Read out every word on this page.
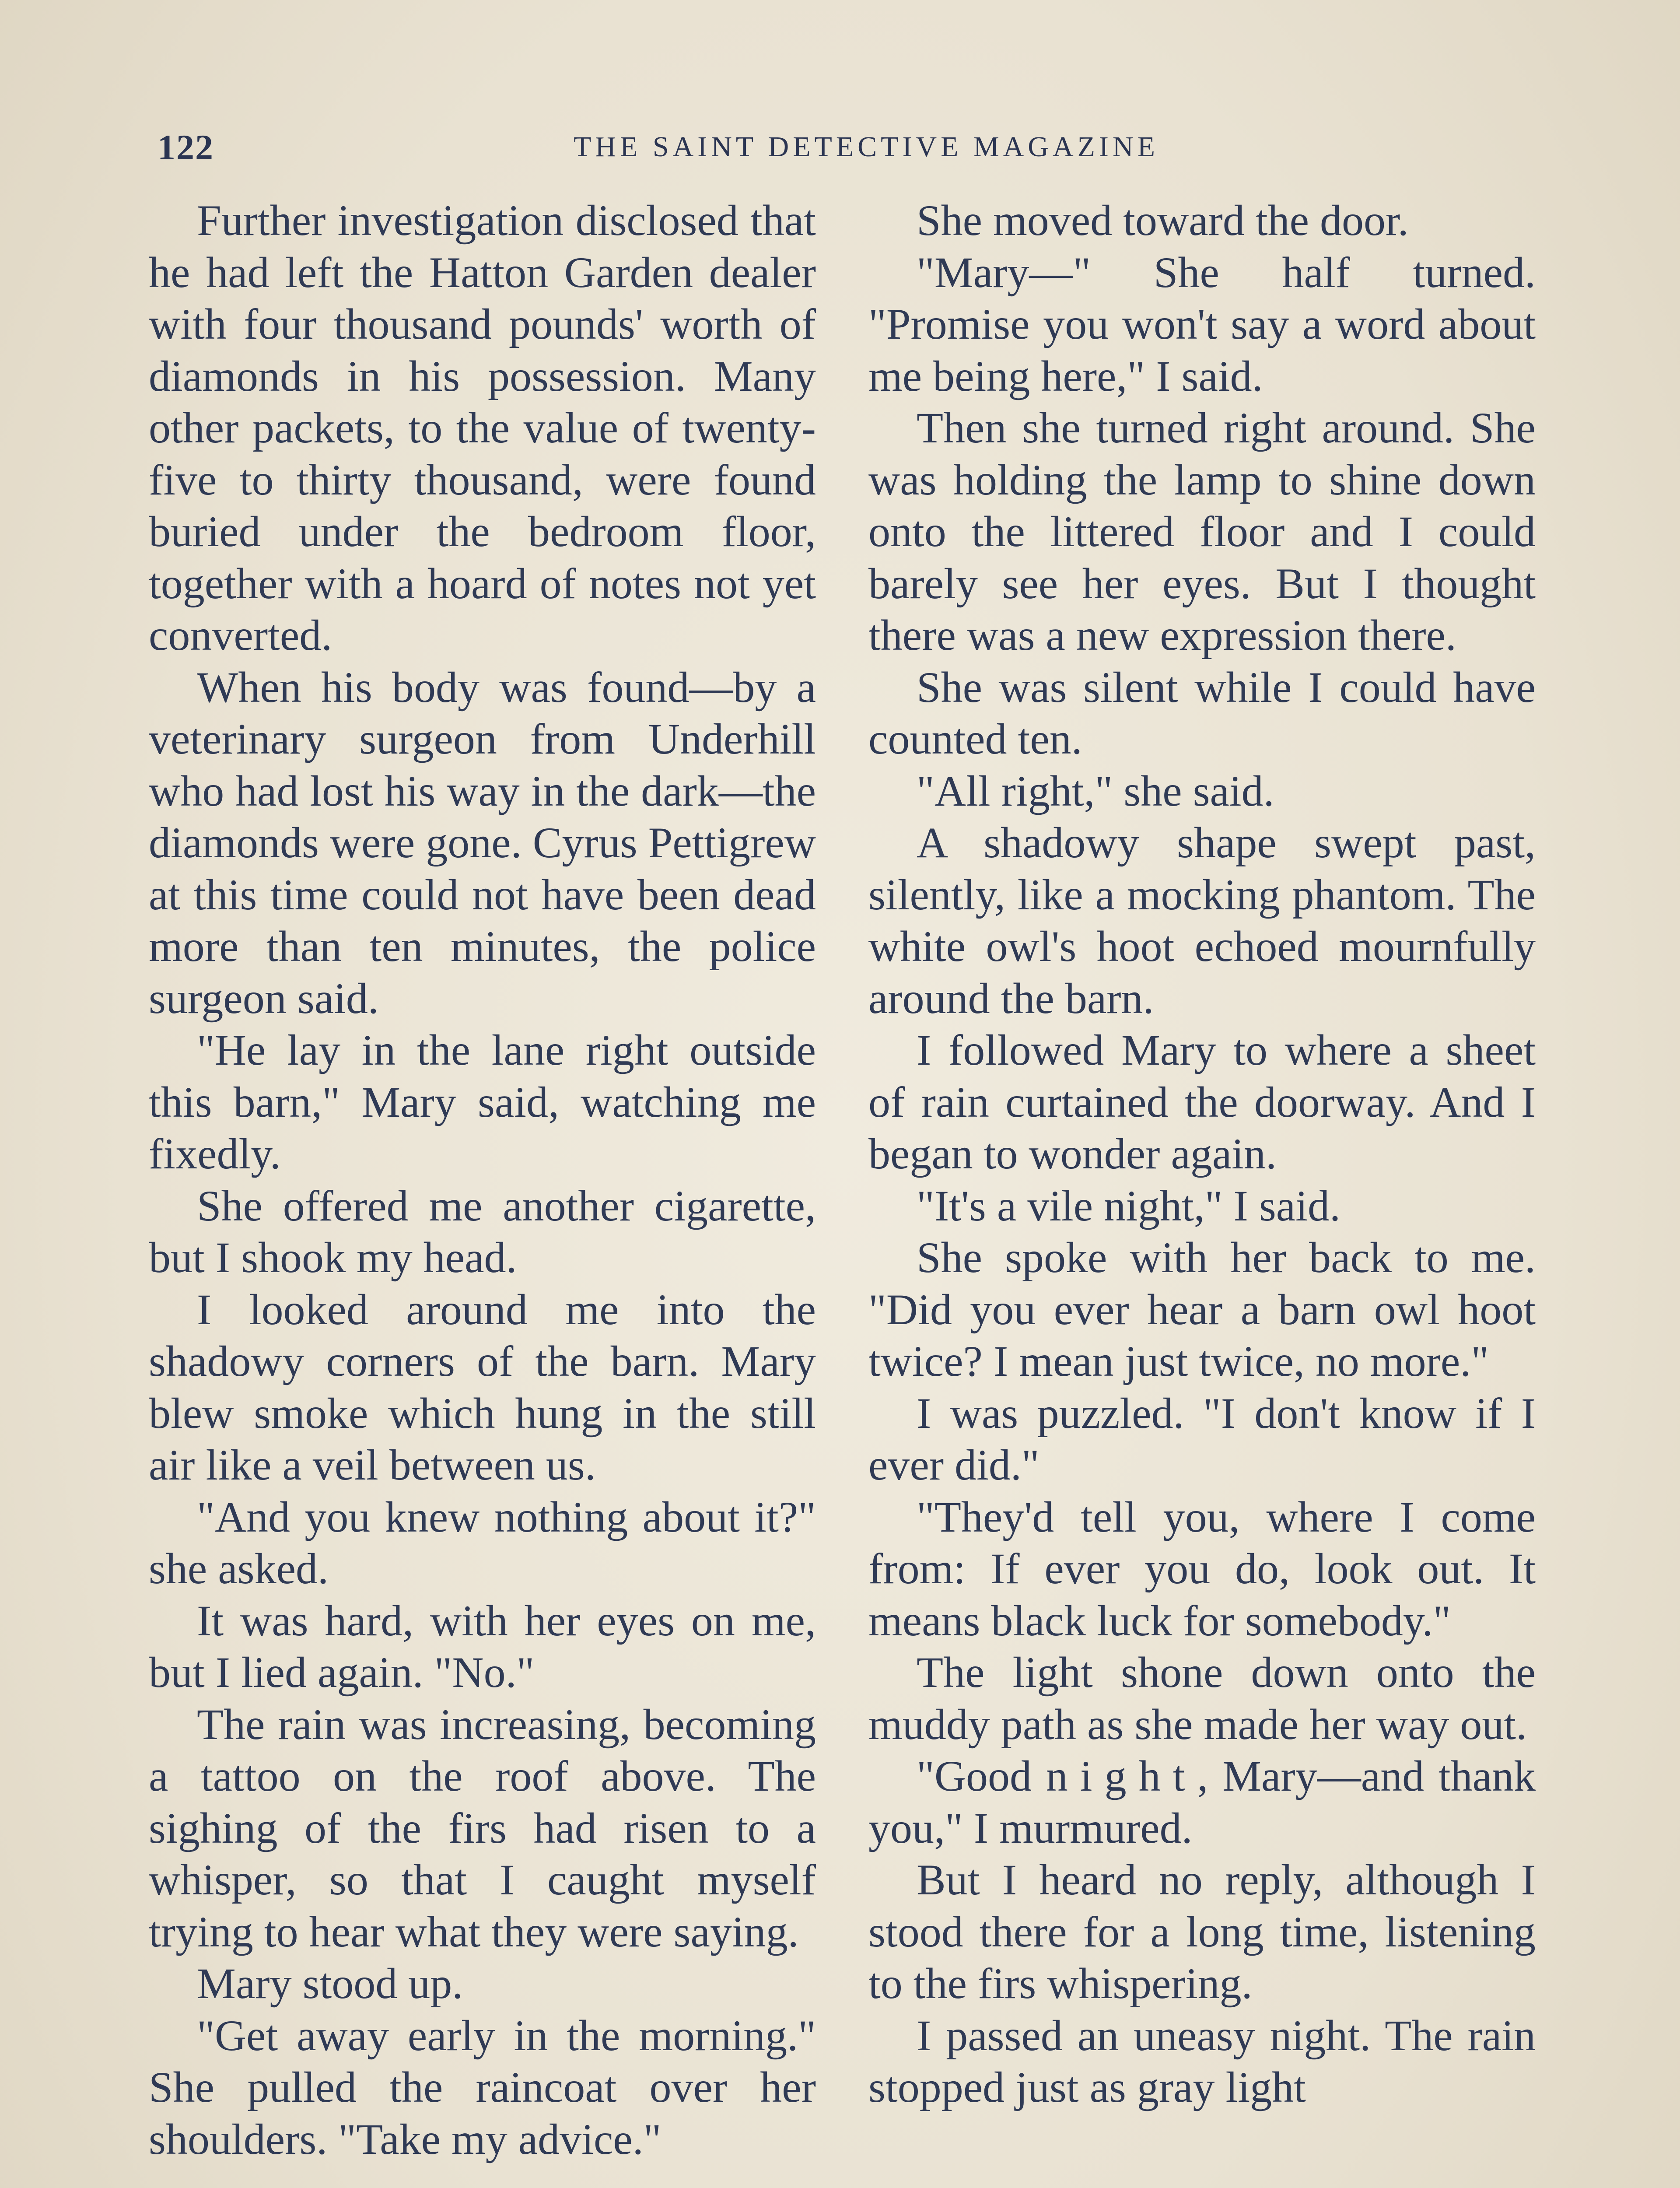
122	THE SAINT DETECTIVE MAGAZINE

Further investigation disclosed that he had left the Hatton Garden dealer with four thousand pounds' worth of diamonds in his possession. Many other packets, to the value of twenty-five to thirty thousand, were found buried under the bedroom floor, together with a hoard of notes not yet converted.

When his body was found—by a veterinary surgeon from Underhill who had lost his way in the dark—the diamonds were gone. Cyrus Pettigrew at this time could not have been dead more than ten minutes, the police surgeon said.

"He lay in the lane right outside this barn," Mary said, watching me fixedly.

She offered me another cigarette, but I shook my head.

I looked around me into the shadowy corners of the barn. Mary blew smoke which hung in the still air like a veil between us.

"And you knew nothing about it?" she asked.

It was hard, with her eyes on me, but I lied again. "No."

The rain was increasing, becoming a tattoo on the roof above. The sighing of the firs had risen to a whisper, so that I caught myself trying to hear what they were saying.

Mary stood up.

"Get away early in the morning." She pulled the raincoat over her shoulders. "Take my advice."

She moved toward the door.

"Mary—" She half turned. "Promise you won't say a word about me being here," I said.

Then she turned right around. She was holding the lamp to shine down onto the littered floor and I could barely see her eyes. But I thought there was a new expression there.

She was silent while I could have counted ten.

"All right," she said.

A shadowy shape swept past, silently, like a mocking phantom. The white owl's hoot echoed mournfully around the barn.

I followed Mary to where a sheet of rain curtained the doorway. And I began to wonder again.

"It's a vile night," I said.

She spoke with her back to me. "Did you ever hear a barn owl hoot twice? I mean just twice, no more."

I was puzzled. "I don't know if I ever did."

"They'd tell you, where I come from: If ever you do, look out. It means black luck for somebody."

The light shone down onto the muddy path as she made her way out.

"Good night, Mary—and thank you," I murmured.

But I heard no reply, although I stood there for a long time, listening to the firs whispering.

I passed an uneasy night. The rain stopped just as gray light
